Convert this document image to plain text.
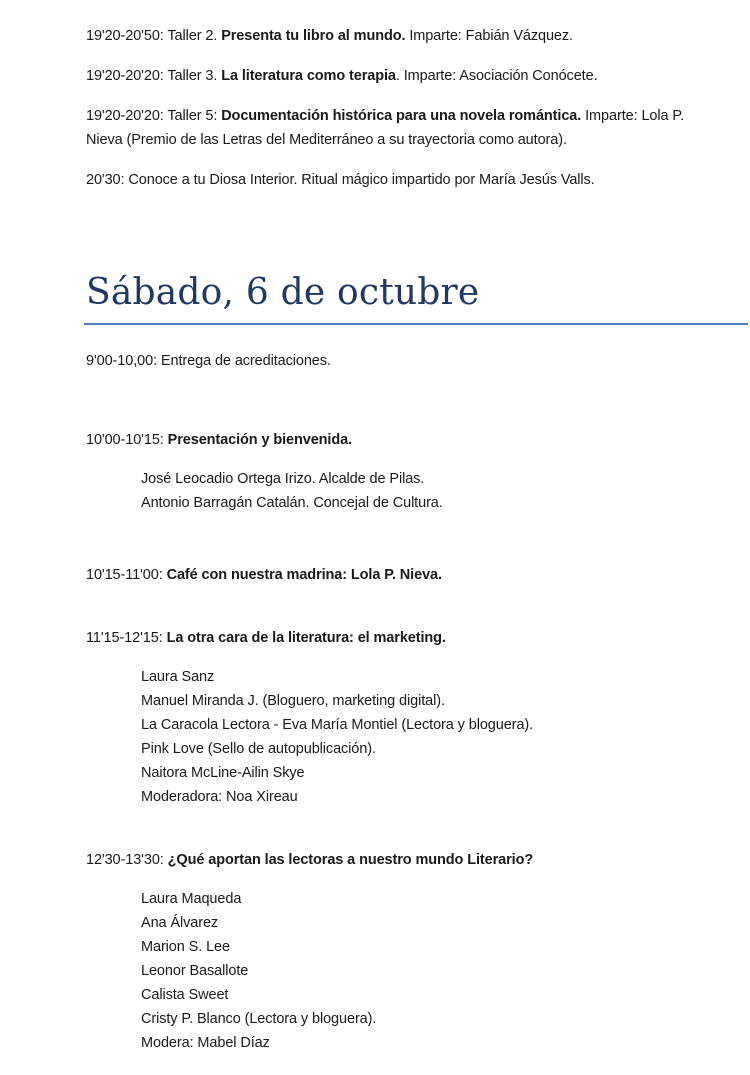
19'20-20'50: Taller 2. Presenta tu libro al mundo. Imparte: Fabián Vázquez.
19'20-20'20: Taller 3. La literatura como terapia. Imparte: Asociación Conócete.
19'20-20'20: Taller 5: Documentación histórica para una novela romántica. Imparte: Lola P.
Nieva (Premio de las Letras del Mediterráneo a su trayectoria como autora).
20'30: Conoce a tu Diosa Interior. Ritual mágico impartido por María Jesús Valls.
Sábado, 6 de octubre
9'00-10,00: Entrega de acreditaciones.
10'00-10'15: Presentación y bienvenida.
José Leocadio Ortega Irizo. Alcalde de Pilas.
Antonio Barragán Catalán. Concejal de Cultura.
10'15-11'00: Café con nuestra madrina: Lola P. Nieva.
11'15-12'15: La otra cara de la literatura: el marketing.
Laura Sanz
Manuel Miranda J. (Bloguero, marketing digital).
La Caracola Lectora - Eva María Montiel (Lectora y bloguera).
Pink Love (Sello de autopublicación).
Naitora McLine-Ailin Skye
Moderadora: Noa Xireau
12'30-13'30: ¿Qué aportan las lectoras a nuestro mundo Literario?
Laura Maqueda
Ana Álvarez
Marion S. Lee
Leonor Basallote
Calista Sweet
Cristy P. Blanco (Lectora y bloguera).
Modera: Mabel Díaz
